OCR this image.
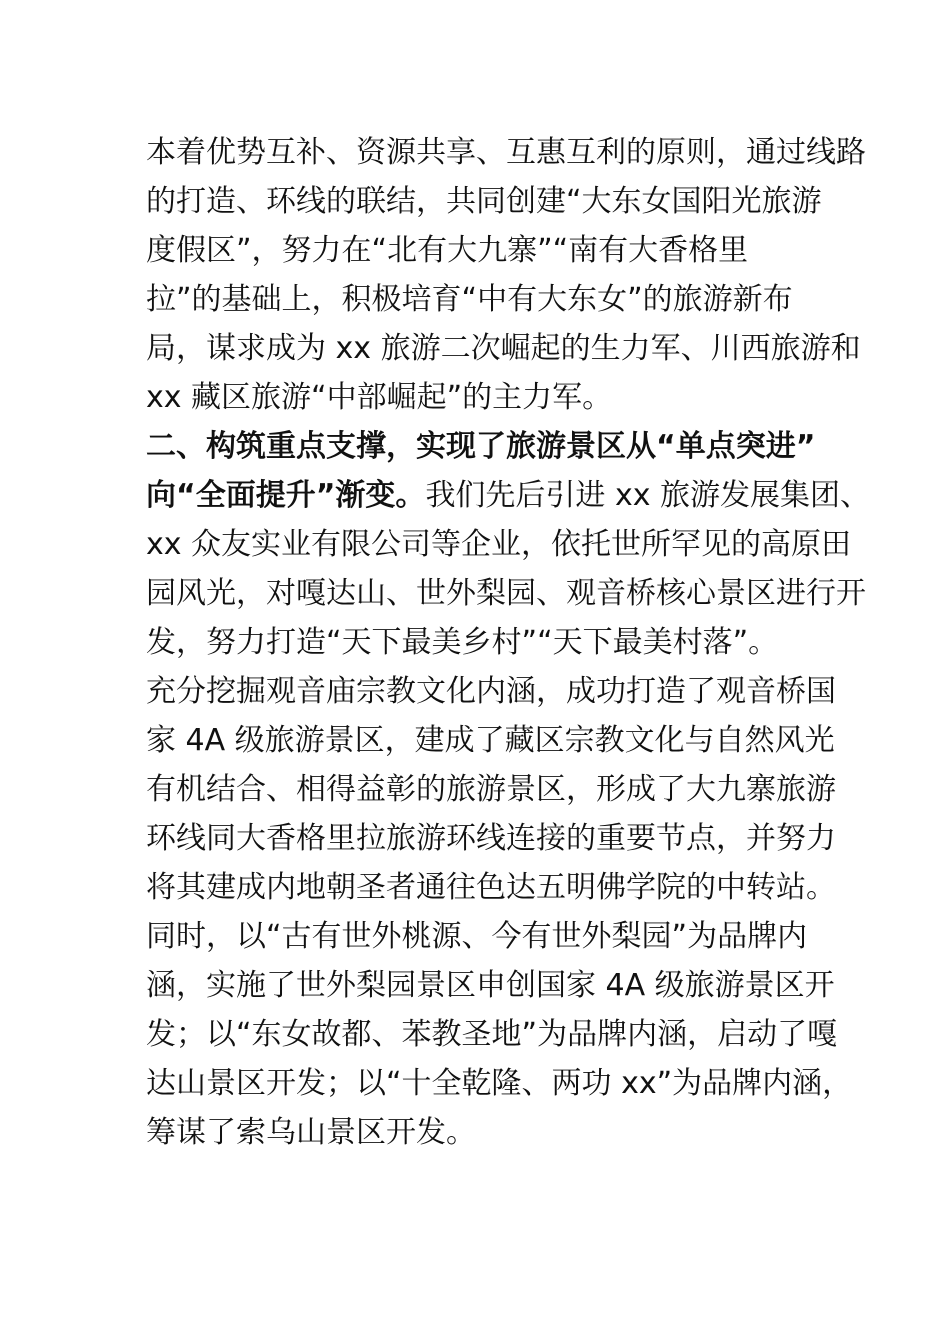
本着优势互补、资源共享、互惠互利的原则，通过线路
的打造、环线的联结，共同创建“大东女国阳光旅游
度假区”，努力在“北有大九寨”“南有大香格里
拉”的基础上，积极培育“中有大东女”的旅游新布
局，谋求成为 xx 旅游二次崛起的生力军、川西旅游和
xx 藏区旅游“中部崛起”的主力军。
二、构筑重点支撑，实现了旅游景区从“单点突进”
向“全面提升”渐变。我们先后引进 xx 旅游发展集团、
xx 众友实业有限公司等企业，依托世所罕见的高原田
园风光，对嘎达山、世外梨园、观音桥核心景区进行开
发，努力打造“天下最美乡村”“天下最美村落”。
充分挖掘观音庙宗教文化内涵，成功打造了观音桥国
家 4A 级旅游景区，建成了藏区宗教文化与自然风光
有机结合、相得益彰的旅游景区，形成了大九寨旅游
环线同大香格里拉旅游环线连接的重要节点，并努力
将其建成内地朝圣者通往色达五明佛学院的中转站。
同时，以“古有世外桃源、今有世外梨园”为品牌内
涵，实施了世外梨园景区申创国家 4A 级旅游景区开
发；以“东女故都、苯教圣地”为品牌内涵，启动了嘎
达山景区开发；以“十全乾隆、两功 xx”为品牌内涵，
筹谋了索乌山景区开发。
